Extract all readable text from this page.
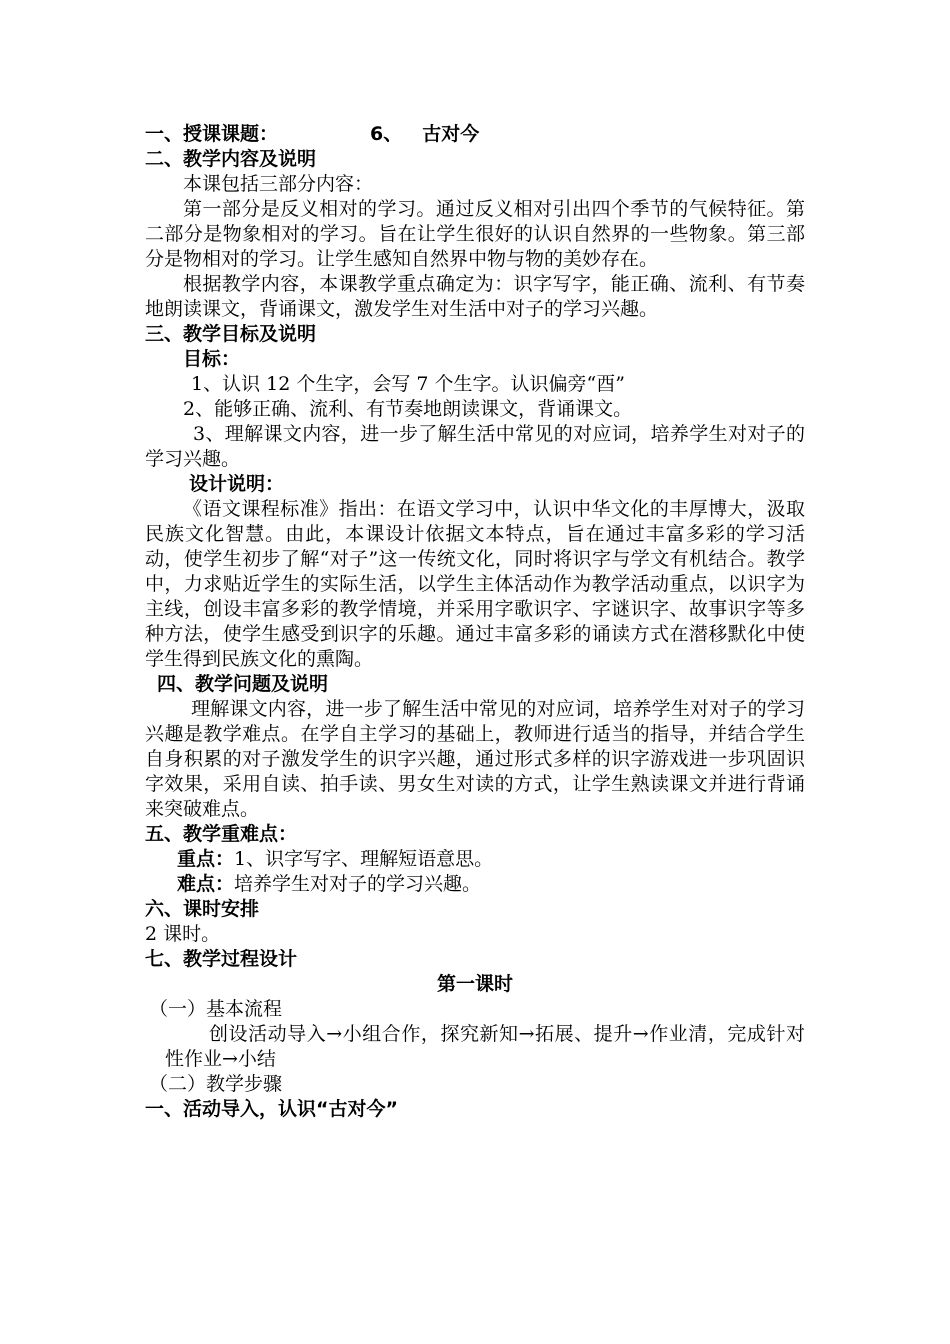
一、授课课题：	6、 古对今
二、教学内容及说明
本课包括三部分内容：
第一部分是反义相对的学习。通过反义相对引出四个季节的气候特征。第二部分是物象相对的学习。旨在让学生很好的认识自然界的一些物象。第三部分是物相对的学习。让学生感知自然界中物与物的美妙存在。
根据教学内容，本课教学重点确定为：识字写字，能正确、流利、有节奏地朗读课文，背诵课文，激发学生对生活中对子的学习兴趣。
三、教学目标及说明
目标：
1、认识 12 个生字，会写 7 个生字。认识偏旁“酉”
2、能够正确、流利、有节奏地朗读课文，背诵课文。
3、理解课文内容，进一步了解生活中常见的对应词，培养学生对对子的学习兴趣。
设计说明：
《语文课程标准》指出：在语文学习中，认识中华文化的丰厚博大，汲取民族文化智慧。由此，本课设计依据文本特点，旨在通过丰富多彩的学习活动，使学生初步了解“对子”这一传统文化，同时将识字与学文有机结合。教学中，力求贴近学生的实际生活，以学生主体活动作为教学活动重点，以识字为主线，创设丰富多彩的教学情境，并采用字歌识字、字谜识字、故事识字等多种方法，使学生感受到识字的乐趣。通过丰富多彩的诵读方式在潜移默化中使学生得到民族文化的熏陶。
四、教学问题及说明
理解课文内容，进一步了解生活中常见的对应词，培养学生对对子的学习兴趣是教学难点。在学自主学习的基础上，教师进行适当的指导，并结合学生自身积累的对子激发学生的识字兴趣，通过形式多样的识字游戏进一步巩固识字效果，采用自读、拍手读、男女生对读的方式，让学生熟读课文并进行背诵来突破难点。
五、教学重难点：
重点：1、识字写字、理解短语意思。
难点：培养学生对对子的学习兴趣。
六、课时安排
2 课时。
七、教学过程设计
第一课时
（一）基本流程
创设活动导入→小组合作，探究新知→拓展、提升→作业清，完成针对性作业→小结
（二）教学步骤
一、活动导入，认识“古对今”
